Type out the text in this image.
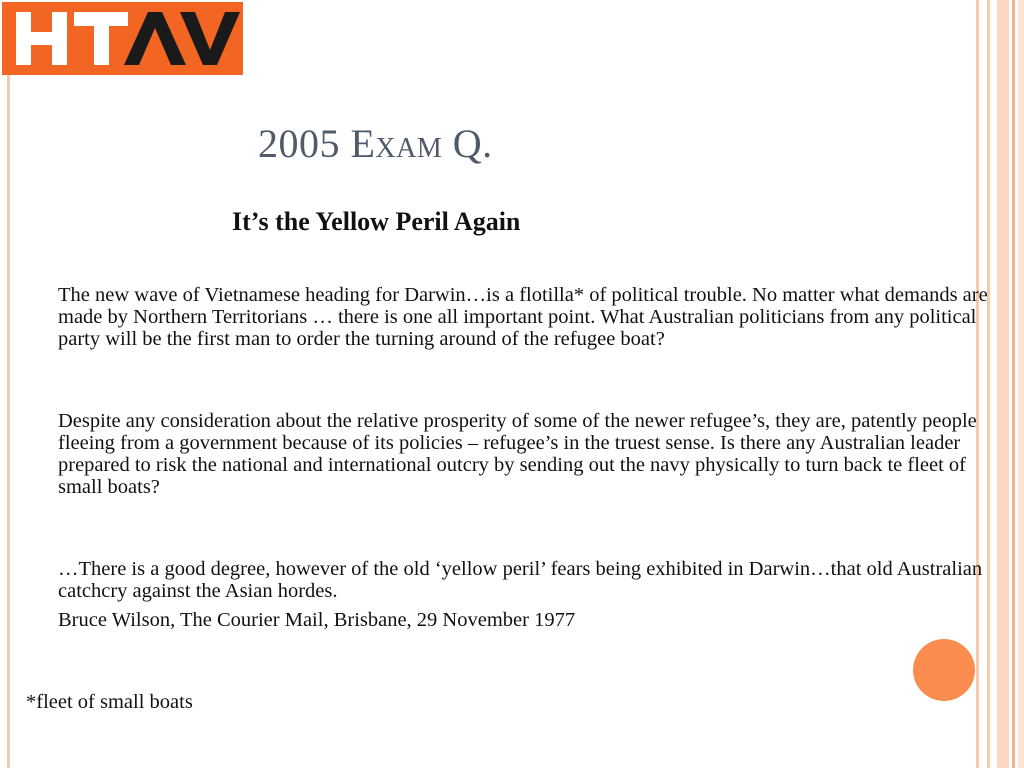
2005 Exam Q.
It’s the Yellow Peril Again

The new wave of Vietnamese heading for Darwin…is a flotilla* of political trouble. No matter what demands are made by Northern Territorians … there is one all important point. What Australian politicians from any political party will be the first man to order the turning around of the refugee boat?

Despite any consideration about the relative prosperity of some of the newer refugee’s, they are, patently people fleeing from a government because of its policies – refugee’s in the truest sense. Is there any Australian leader prepared to risk the national and international outcry by sending out the navy physically to turn back te fleet of small boats?

…There is a good degree, however of the old ‘yellow peril’ fears being exhibited in Darwin…that old Australian catchcry against the Asian hordes.

Bruce Wilson, The Courier Mail, Brisbane, 29 November 1977
*fleet of small boats
